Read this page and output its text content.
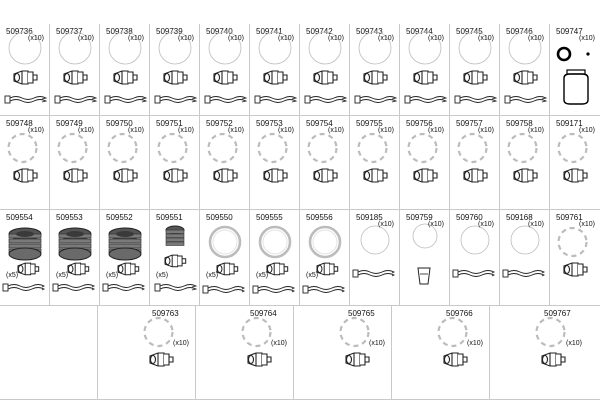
509736
(x10)
509737
(x10)
509738
(x10)
509739
(x10)
509740
(x10)
509741
(x10)
509742
(x10)
509743
(x10)
509744
(x10)
509745
(x10)
509746
(x10)
509747
(x10)
509748
(x10)
509749
(x10)
509750
(x10)
509751
(x10)
509752
(x10)
509753
(x10)
509754
(x10)
509755
(x10)
509756
(x10)
509757
(x10)
509758
(x10)
509171
(x10)
509554
(x5)
509553
(x5)
509552
(x5)
509551
(x5)
509550
(x5)
509555
(x5)
509556
(x5)
509185
(x10)
509759
(x10)
509760
(x10)
509168
(x10)
509761
(x10)
509763
(x10)
509764
(x10)
509765
(x10)
509766
(x10)
509767
(x10)
